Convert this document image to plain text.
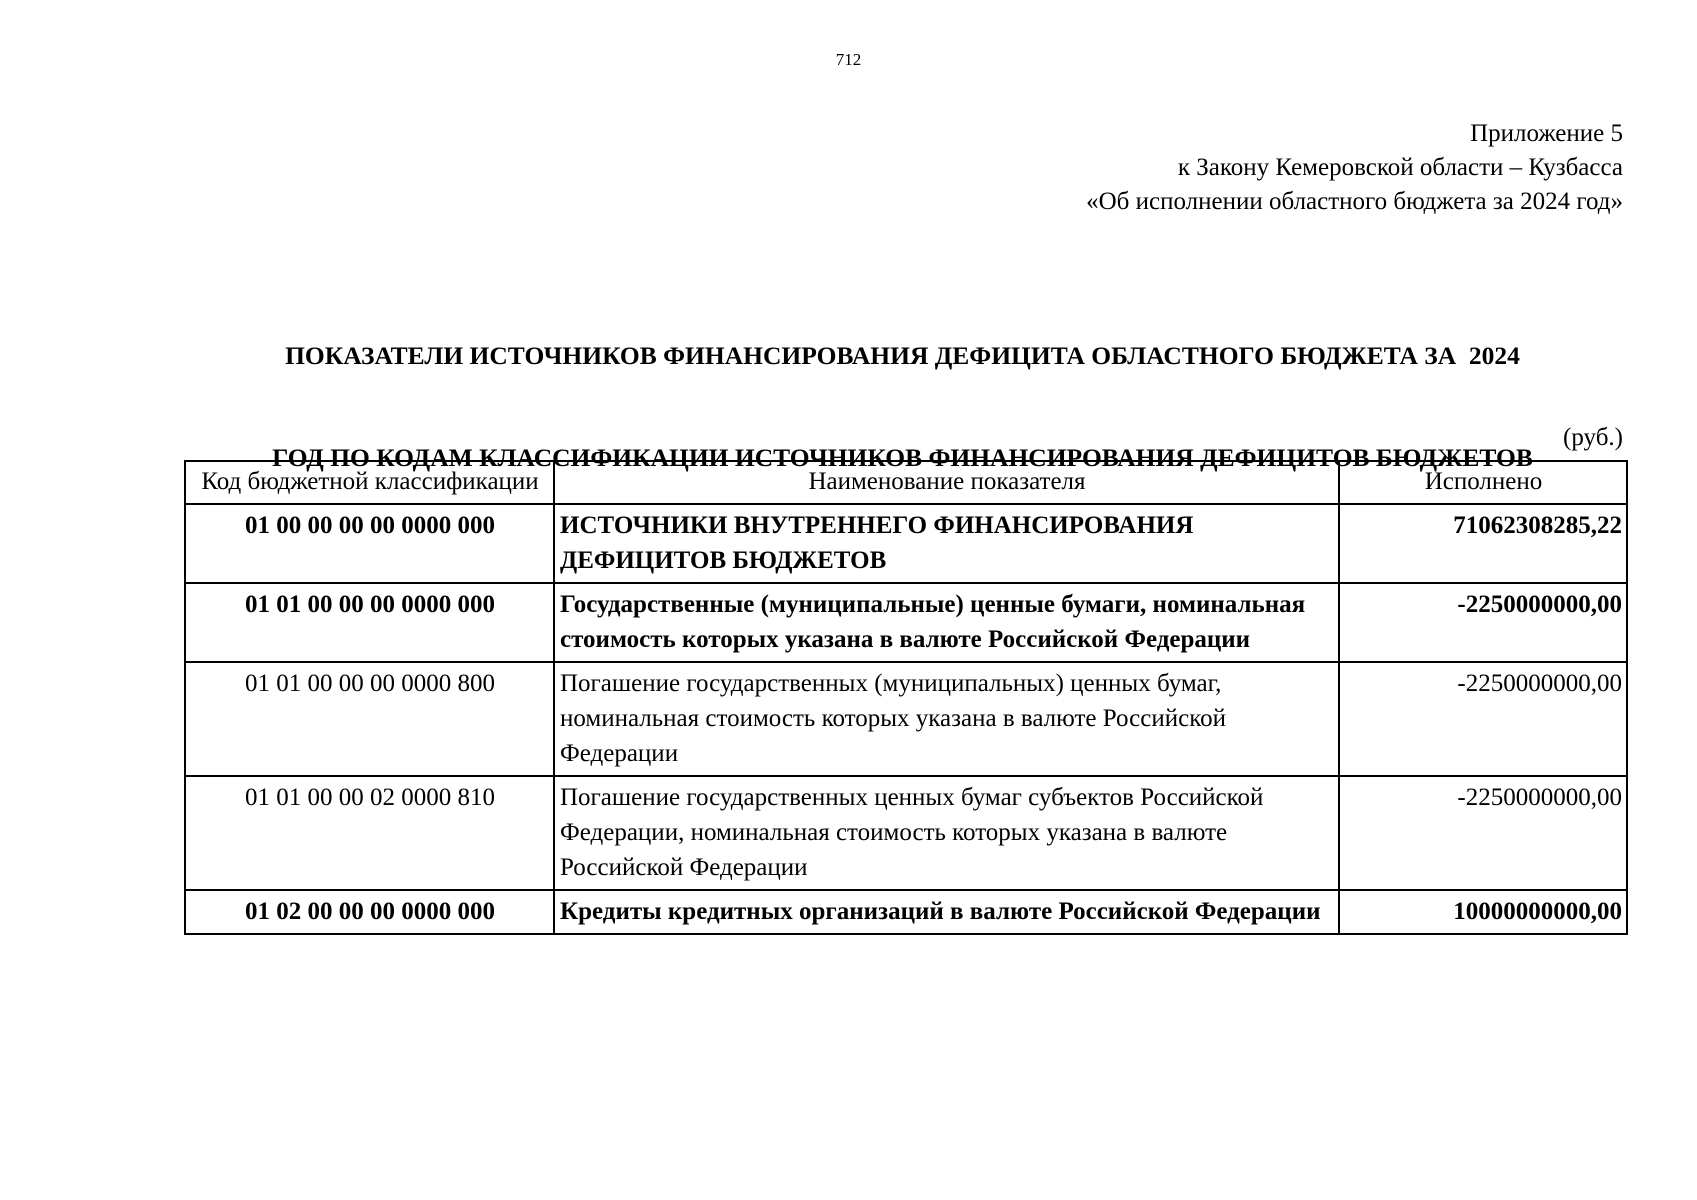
712
Приложение 5
к Закону Кемеровской области – Кузбасса
«Об исполнении областного бюджета за 2024 год»

ПОКАЗАТЕЛИ ИСТОЧНИКОВ ФИНАНСИРОВАНИЯ ДЕФИЦИТА ОБЛАСТНОГО БЮДЖЕТА ЗА  2024

ГОД ПО КОДАМ КЛАССИФИКАЦИИ ИСТОЧНИКОВ ФИНАНСИРОВАНИЯ ДЕФИЦИТОВ БЮДЖЕТОВ

(руб.)
Код бюджетной классификации	Наименование показателя	Исполнено
01 00 00 00 00 0000 000	ИСТОЧНИКИ ВНУТРЕННЕГО ФИНАНСИРОВАНИЯ ДЕФИЦИТОВ БЮДЖЕТОВ	71062308285,22
01 01 00 00 00 0000 000	Государственные (муниципальные) ценные бумаги, номинальная стоимость которых указана в валюте Российской Федерации	-2250000000,00
01 01 00 00 00 0000 800	Погашение государственных (муниципальных) ценных бумаг, номинальная стоимость которых указана в валюте Российской Федерации	-2250000000,00
01 01 00 00 02 0000 810	Погашение государственных ценных бумаг субъектов Российской Федерации, номинальная стоимость которых указана в валюте Российской Федерации	-2250000000,00
01 02 00 00 00 0000 000	Кредиты кредитных организаций в валюте Российской Федерации	10000000000,00
